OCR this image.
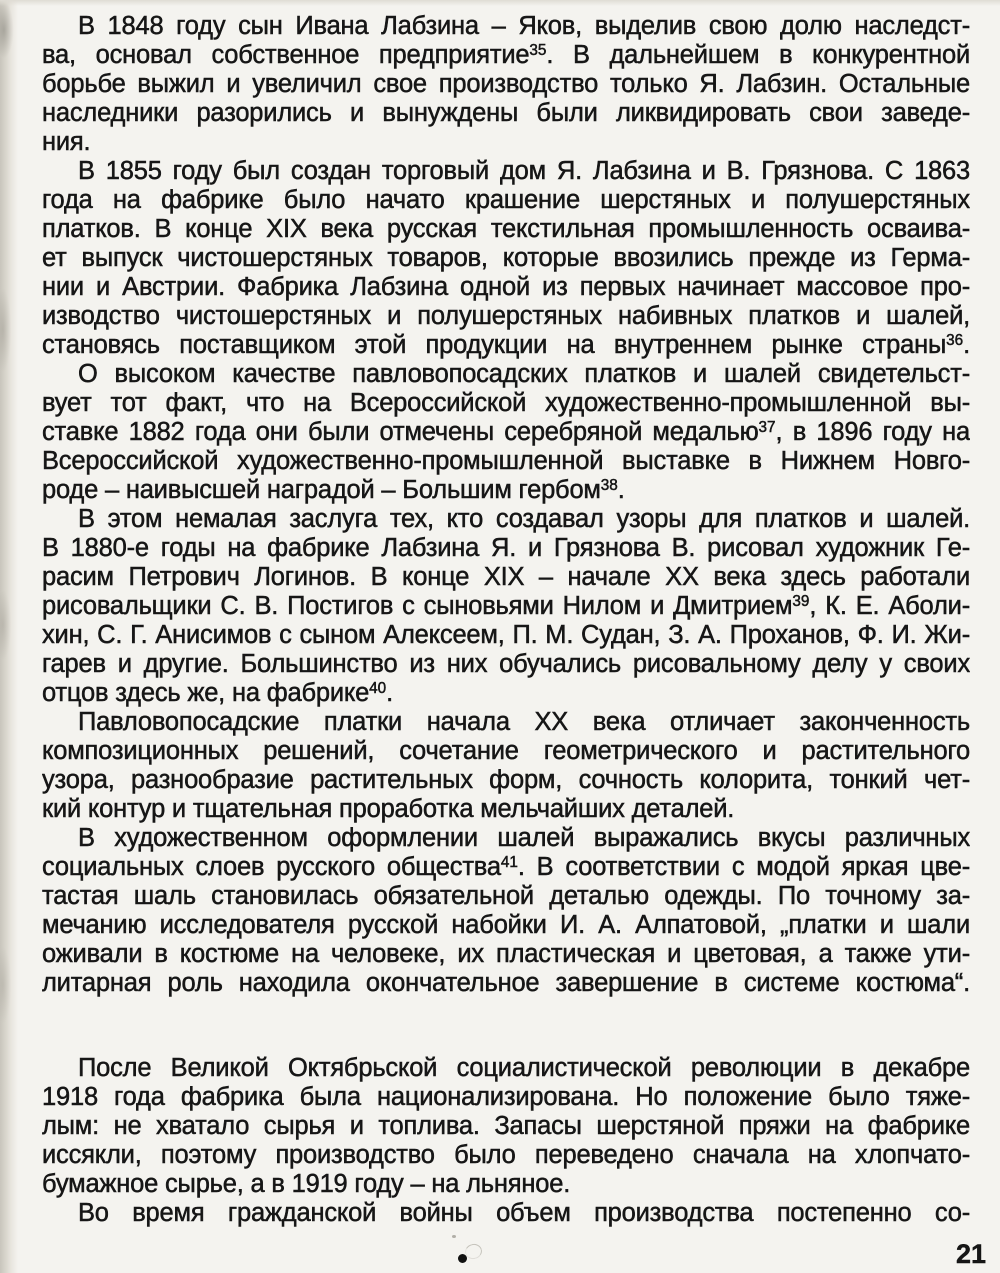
В 1848 году сын Ивана Лабзина – Яков, выделив свою долю наследст-
ва, основал собственное предприятие$^{35}$. В дальнейшем в конкурентной
борьбе выжил и увеличил свое производство только Я. Лабзин. Остальные
наследники разорились и вынуждены были ликвидировать свои заведе-
ния.
В 1855 году был создан торговый дом Я. Лабзина и В. Грязнова. С 1863
года на фабрике было начато крашение шерстяных и полушерстяных
платков. В конце XIX века русская текстильная промышленность осваива-
ет выпуск чистошерстяных товаров, которые ввозились прежде из Герма-
нии и Австрии. Фабрика Лабзина одной из первых начинает массовое про-
изводство чистошерстяных и полушерстяных набивных платков и шалей,
становясь поставщиком этой продукции на внутреннем рынке страны$^{36}$.
О высоком качестве павловопосадских платков и шалей свидетельст-
вует тот факт, что на Всероссийской художественно-промышленной вы-
ставке 1882 года они были отмечены серебряной медалью$^{37}$, в 1896 году на
Всероссийской художественно-промышленной выставке в Нижнем Новго-
роде – наивысшей наградой – Большим гербом$^{38}$.
В этом немалая заслуга тех, кто создавал узоры для платков и шалей.
В 1880-е годы на фабрике Лабзина Я. и Грязнова В. рисовал художник Ге-
расим Петрович Логинов. В конце XIX – начале XX века здесь работали
рисовальщики С. В. Постигов с сыновьями Нилом и Дмитрием$^{39}$, К. Е. Аболи-
хин, С. Г. Анисимов с сыном Алексеем, П. М. Судан, З. А. Проханов, Ф. И. Жи-
гарев и другие. Большинство из них обучались рисовальному делу у своих
отцов здесь же, на фабрике$^{40}$.
Павловопосадские платки начала XX века отличает законченность
композиционных решений, сочетание геометрического и растительного
узора, разнообразие растительных форм, сочность колорита, тонкий чет-
кий контур и тщательная проработка мельчайших деталей.
В художественном оформлении шалей выражались вкусы различных
социальных слоев русского общества$^{41}$. В соответствии с модой яркая цве-
тастая шаль становилась обязательной деталью одежды. По точному за-
мечанию исследователя русской набойки И. А. Алпатовой, „платки и шали
оживали в костюме на человеке, их пластическая и цветовая, а также ути-
литарная роль находила окончательное завершение в системе костюма“.
После Великой Октябрьской социалистической революции в декабре
1918 года фабрика была национализирована. Но положение было тяже-
лым: не хватало сырья и топлива. Запасы шерстяной пряжи на фабрике
иссякли, поэтому производство было переведено сначала на хлопчато-
бумажное сырье, а в 1919 году – на льняное.
Во время гражданской войны объем производства постепенно со-
21
